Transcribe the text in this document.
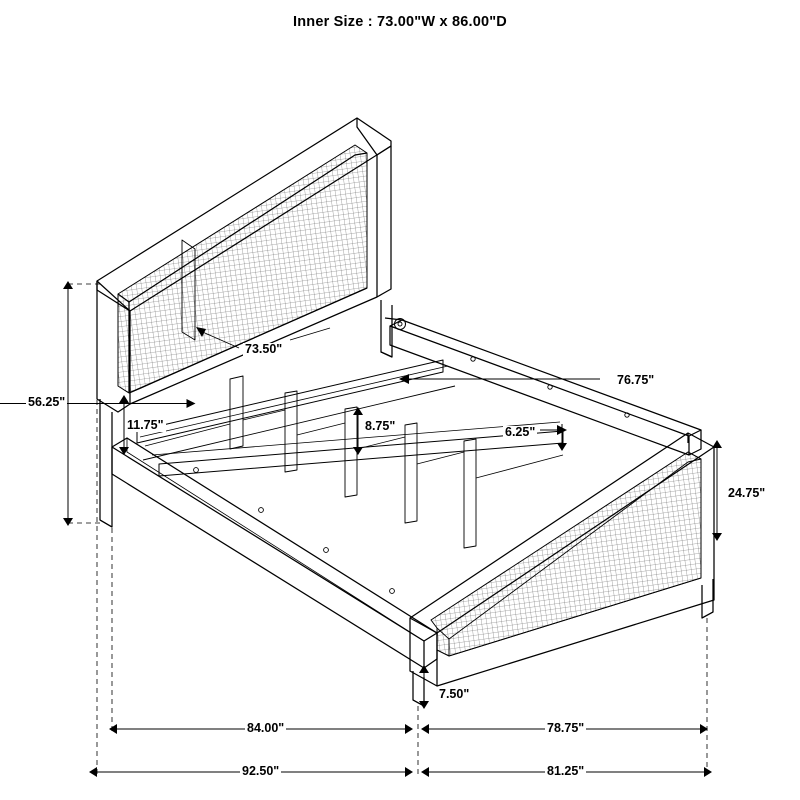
Inner Size : 73.00"W x 86.00"D
73.50"
56.25"
11.75"	8.75"
76.75"
6.25"
24.75"
7.50"
84.00"	78.75"
92.50"	81.25"
